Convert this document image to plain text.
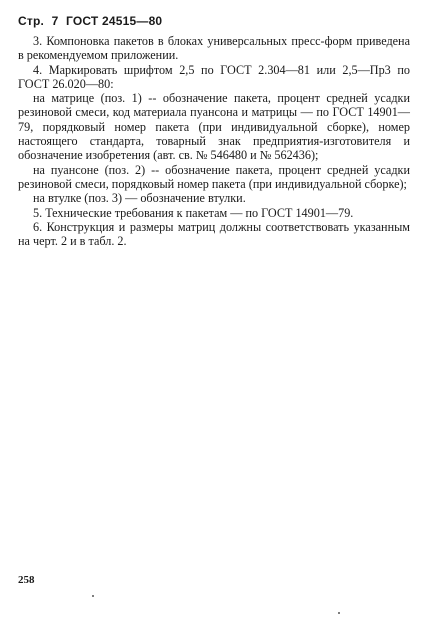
Стр. 7 ГОСТ 24515—80

3. Компоновка пакетов в блоках универсальных пресс-форм приведена в рекомендуемом приложении.

4. Маркировать шрифтом 2,5 по ГОСТ 2.304—81 или 2,5—Пр3 по ГОСТ 26.020—80:

на матрице (поз. 1) -- обозначение пакета, процент средней усадки резиновой смеси, код материала пуансона и матрицы — по ГОСТ 14901—79, порядковый номер пакета (при индивидуальной сборке), номер настоящего стандарта, товарный знак предприятия-изготовителя и обозначение изобретения (авт. св. № 546480 и № 562436);

на пуансоне (поз. 2) -- обозначение пакета, процент средней усадки резиновой смеси, порядковый номер пакета (при индивидуальной сборке);

на втулке (поз. 3) — обозначение втулки.

5. Технические требования к пакетам — по ГОСТ 14901—79.

6. Конструкция и размеры матриц должны соответствовать указанным на черт. 2 и в табл. 2.

258
